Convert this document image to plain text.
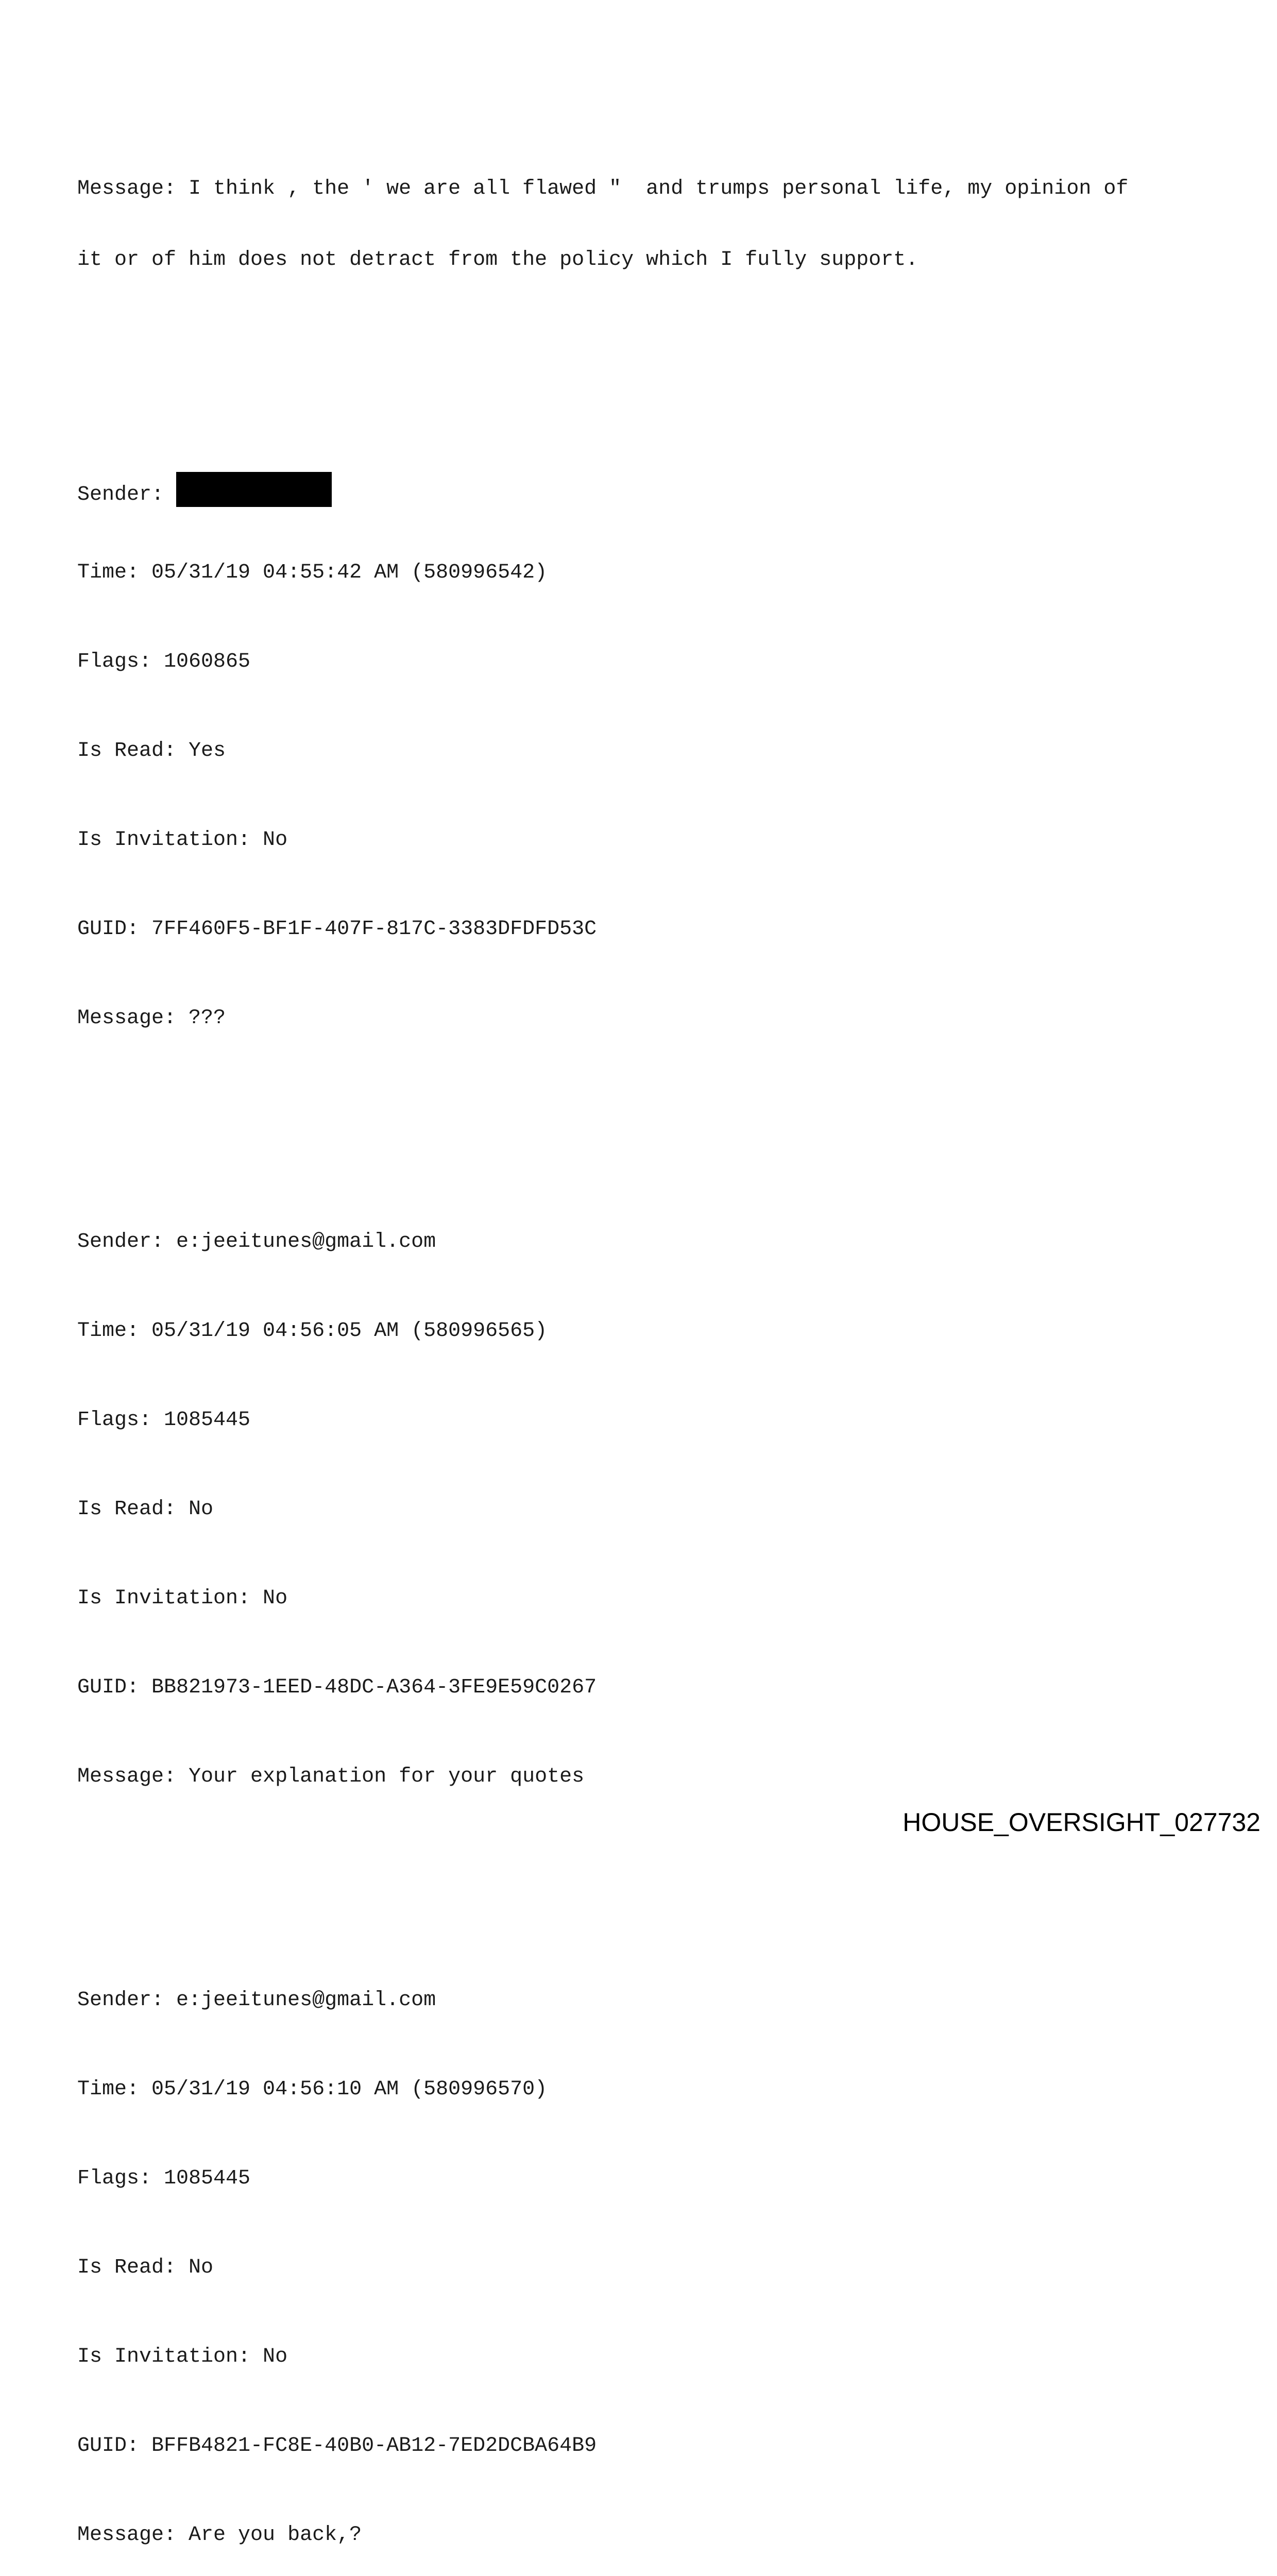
Message: I think , the ' we are all flawed "  and trumps personal life, my opinion of

it or of him does not detract from the policy which I fully support.

Sender:

Time: 05/31/19 04:55:42 AM (580996542)

Flags: 1060865

Is Read: Yes

Is Invitation: No

GUID: 7FF460F5-BF1F-407F-817C-3383DFDFD53C

Message: ???

Sender: e:jeeitunes@gmail.com

Time: 05/31/19 04:56:05 AM (580996565)

Flags: 1085445

Is Read: No

Is Invitation: No

GUID: BB821973-1EED-48DC-A364-3FE9E59C0267

Message: Your explanation for your quotes

Sender: e:jeeitunes@gmail.com

Time: 05/31/19 04:56:10 AM (580996570)

Flags: 1085445

Is Read: No

Is Invitation: No

GUID: BFFB4821-FC8E-40B0-AB12-7ED2DCBA64B9

Message: Are you back,?

HOUSE_OVERSIGHT_027732
